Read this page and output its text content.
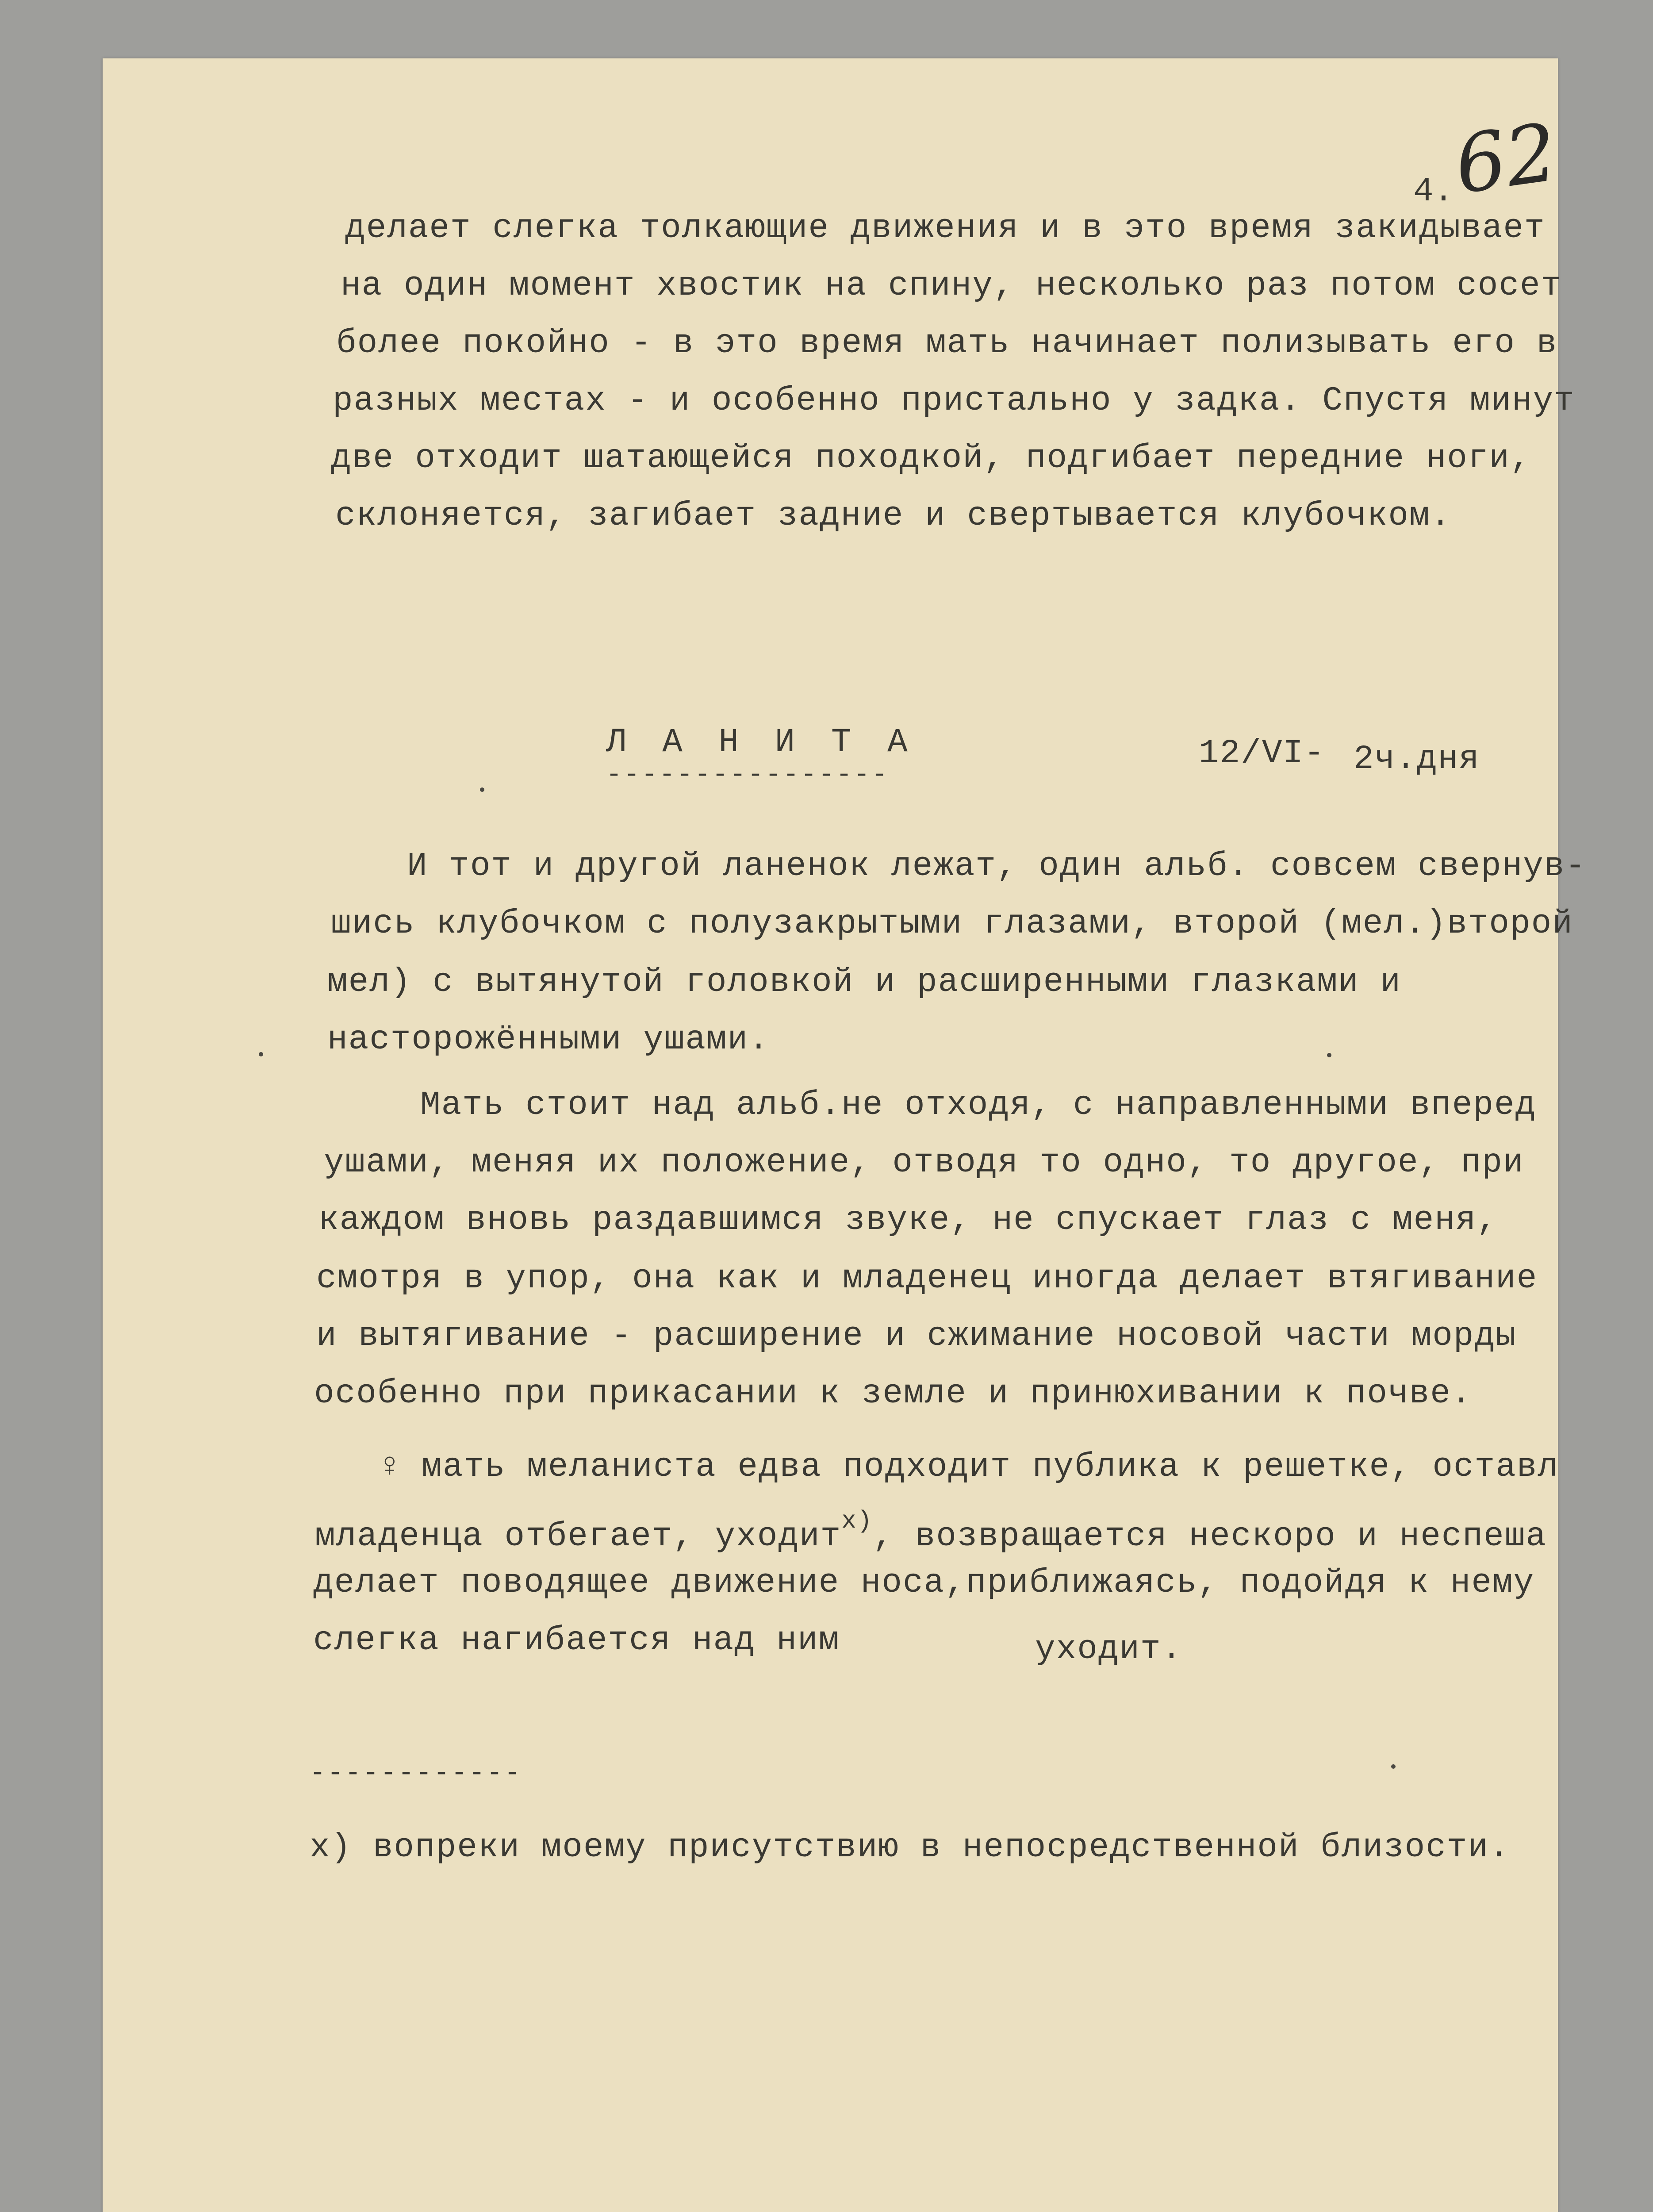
62
4.
делает слегка толкающие движения и в это время закидывает
на один момент хвостик на спину, несколько раз потом сосет
более покойно - в это время мать начинает полизывать его в
разных местах - и особенно пристально у задка. Спустя минут
две отходит шатающейся походкой, подгибает передние ноги,
склоняется, загибает задние и свертывается клубочком.
Л А Н И Т А
----------------
12/VI- 2ч.дня
И тот и другой ланенок лежат, один альб. совсем свернув-
шись клубочком с полузакрытыми глазами, второй (мел.)второй
мел) с вытянутой головкой и расширенными глазками и
насторожёнными ушами.
Мать стоит над альб.не отходя, с направленными вперед
ушами, меняя их положение, отводя то одно, то другое, при
каждом вновь раздавшимся звуке, не спускает глаз с меня,
смотря в упор, она как и младенец иногда делает втягивание
и вытягивание - расширение и сжимание носовой части морды
особенно при прикасании к земле и принюхивании к почве.
♀ мать меланиста едва подходит публика к решетке, оставл
младенца отбегает, уходит$^{x)}$, возвращается нескоро и неспеша
делает поводящее движение носа,приближаясь, подойдя к нему
слегка нагибается над ним	уходит.
------------
x) вопреки моему присутствию в непосредственной близости.
